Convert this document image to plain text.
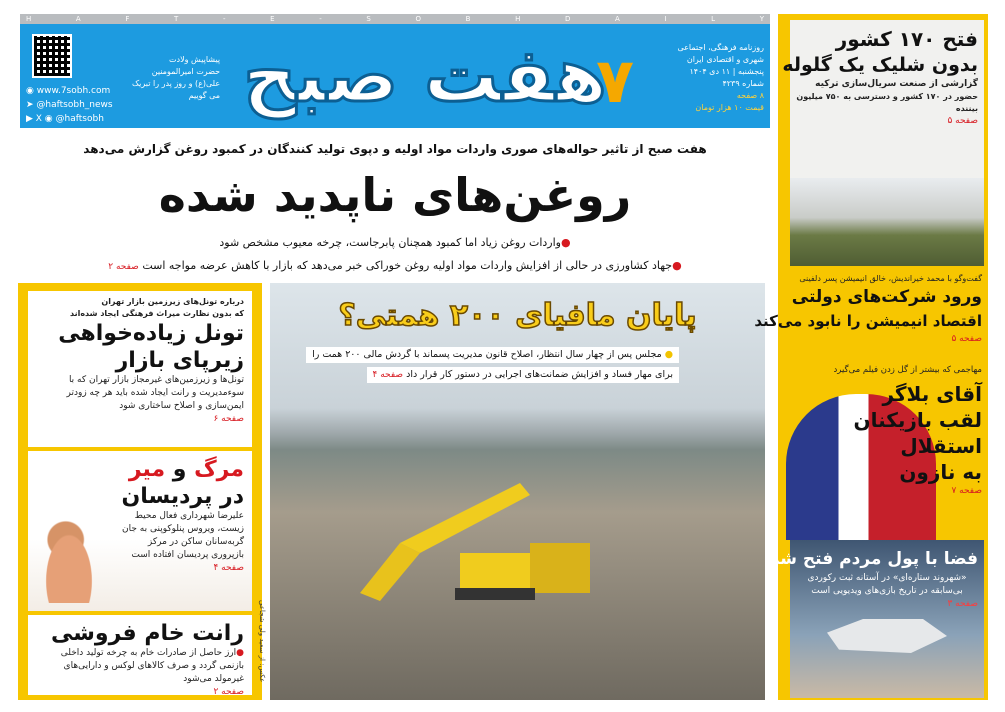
H	A	F	T	-	E	-	S	O	B	H	D	A	I	L	Y
هفت صبح
۷	روزنامه فرهنگی، اجتماعی
شهری و اقتصادی ایران
پنجشنبه | ۱۱ دی ۱۴۰۴
شماره ۴۲۳۹
۸ صفحه
قیمت ۱۰ هزار تومان
پیشاپیش ولادت
حضرت امیرالمومنین
علی(ع) و روز پدر را تبریک
می گوییم
◉ www.7sobh.com
➤ @haftsobh_news
▶ X ◉ @haftsobh
هفت صبح از تاثیر حواله‌های صوری واردات مواد اولیه و دپوی تولید کنندگان در کمبود روغن گزارش می‌دهد
روغن‌های ناپدید شده
●واردات روغن زیاد اما کمبود همچنان پابرجاست، چرخه معیوب مشخص شود
●جهاد کشاورزی در حالی از افزایش واردات مواد اولیه روغن خوراکی خبر می‌دهد که بازار با کاهش عرضه مواجه است صفحه ۲
درباره تونل‌های زیرزمین بازار تهران
که بدون نظارت میراث فرهنگی ایجاد شده‌اند
تونل زیاده‌خواهی
زیرپای بازار
تونل‌ها و زیرزمین‌های غیرمجاز بازار تهران که با سوءمدیریت و رانت ایجاد شده باید هر چه زودتر ایمن‌سازی و اصلاح ساختاری شود
صفحه ۶
مرگ و میر
در پردیسان
علیرضا شهرداری فعال محیط زیست، ویروس پنلوکوپنی به جان گربه‌سانان ساکن در مرکز بازپروری پردیسان افتاده است
صفحه ۴
رانت خام فروشی
●ارز حاصل از صادرات خام به چرخه تولید داخلی بازنمی گردد و صرف کالاهای لوکس و دارایی‌های غیرمولد می‌شود
صفحه ۲
عکس: از سعید ولی شجاعی
پایان مافیای ۲۰۰ همتی؟
● مجلس پس از چهار سال انتظار، اصلاح قانون مدیریت پسماند با گردش مالی ۲۰۰ همت را
برای مهار فساد و افزایش ضمانت‌های اجرایی در دستور کار قرار داد صفحه ۴
فتح ۱۷۰ کشور
بدون شلیک یک گلوله
گزارشی از صنعت سریال‌سازی ترکیه
حضور در ۱۷۰ کشور و دسترسی به ۷۵۰ میلیون بیننده
صفحه ۵
گفت‌وگو با محمد خیراندیش، خالق انیمیشن پسر دلفینی
ورود شرکت‌های دولتی
اقتصاد انیمیشن را نابود می‌کند
صفحه ۵
مهاجمی که بیشتر از گل زدن فیلم می‌گیرد
آقای بلاگر
لقب بازیکنان
استقلال
به نازون
صفحه ۷
فضا با پول مردم فتح شد
«شهروند ستاره‌ای» در آستانه ثبت رکوردی
بی‌سابقه در تاریخ بازی‌های ویدیویی است
صفحه ۳
